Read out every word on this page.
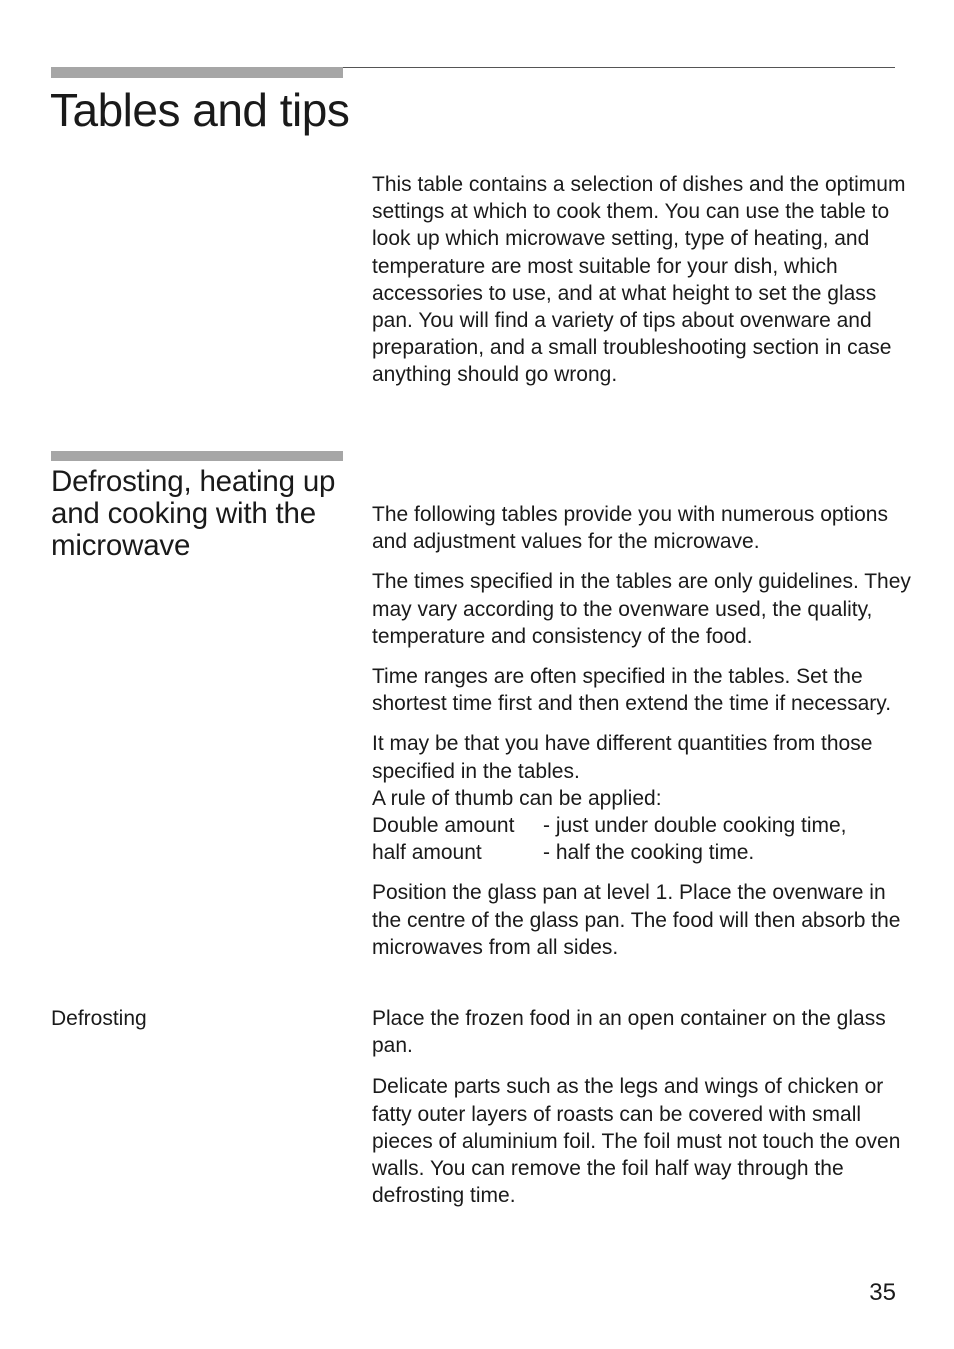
Tables and tips

This table contains a selection of dishes and the optimum settings at which to cook them. You can use the table to look up which microwave setting, type of heating, and temperature are most suitable for your dish, which accessories to use, and at what height to set the glass pan. You will find a variety of tips about ovenware and preparation, and a small troubleshooting section in case anything should go wrong.

Defrosting, heating up and cooking with the microwave

The following tables provide you with numerous options and adjustment values for the microwave.

The times specified in the tables are only guidelines. They may vary according to the ovenware used, the quality, temperature and consistency of the food.

Time ranges are often specified in the tables. Set the shortest time first and then extend the time if necessary.

It may be that you have different quantities from those specified in the tables.
A rule of thumb can be applied:

Double amount	- just under double cooking time,
half amount	- half the cooking time.

Position the glass pan at level 1. Place the ovenware in the centre of the glass pan. The food will then absorb the microwaves from all sides.

Defrosting	Place the frozen food in an open container on the glass pan.

Delicate parts such as the legs and wings of chicken or fatty outer layers of roasts can be covered with small pieces of aluminium foil. The foil must not touch the oven walls. You can remove the foil half way through the defrosting time.

35
